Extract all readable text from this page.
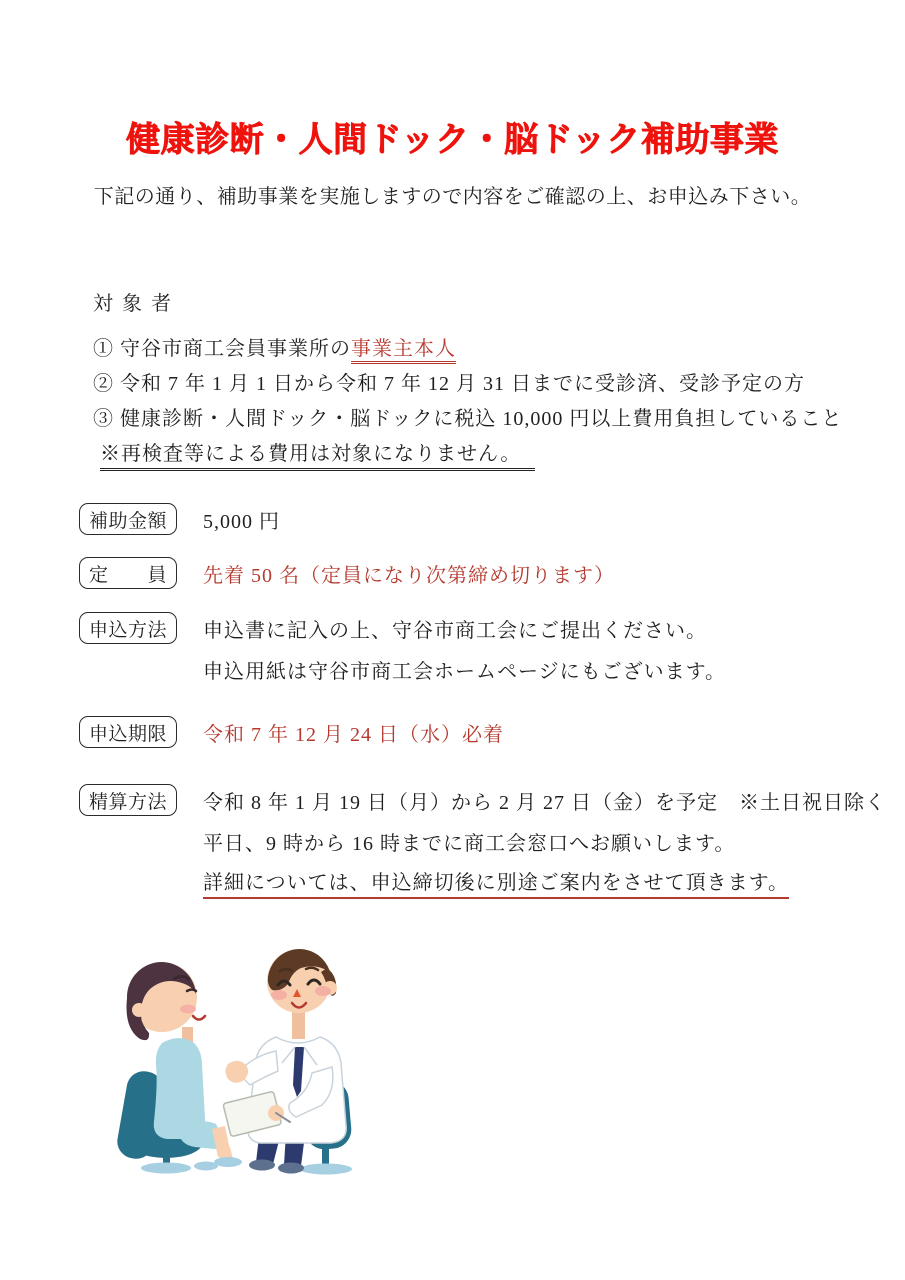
健康診断・人間ドック・脳ドック補助事業
下記の通り、補助事業を実施しますので内容をご確認の上、お申込み下さい。
対 象 者
① 守谷市商工会員事業所の事業主本人
② 令和 7 年 1 月 1 日から令和 7 年 12 月 31 日までに受診済、受診予定の方
③ 健康診断・人間ドック・脳ドックに税込 10,000 円以上費用負担していること
※再検査等による費用は対象になりません。
補助金額 5,000 円
定　　員 先着 50 名（定員になり次第締め切ります）
申込方法 申込書に記入の上、守谷市商工会にご提出ください。
申込用紙は守谷市商工会ホームページにもございます。
申込期限 令和 7 年 12 月 24 日（水）必着
精算方法 令和 8 年 1 月 19 日（月）から 2 月 27 日（金）を予定　※土日祝日除く
平日、9 時から 16 時までに商工会窓口へお願いします。
詳細については、申込締切後に別途ご案内をさせて頂きます。
